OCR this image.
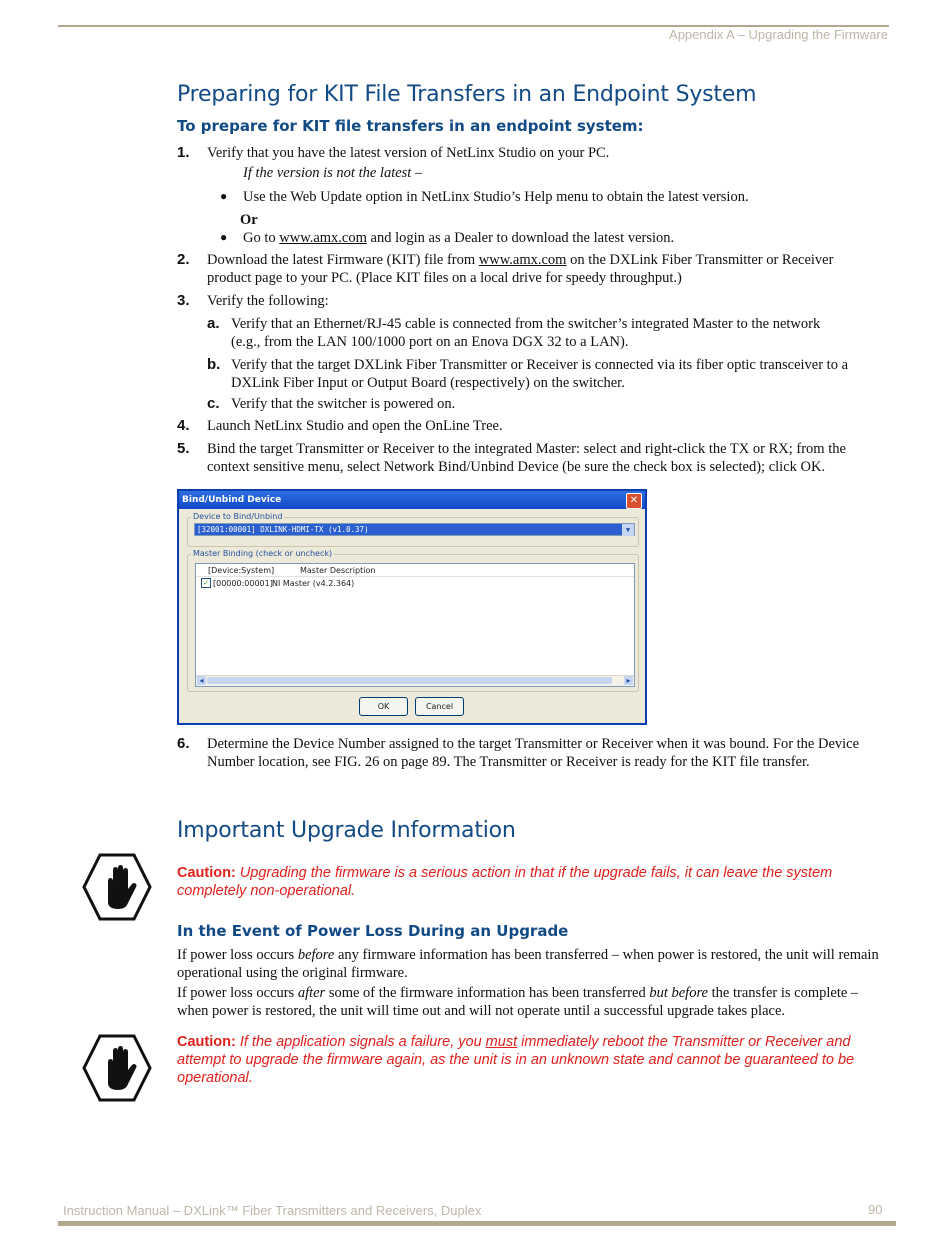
Appendix A – Upgrading the Firmware
Preparing for KIT File Transfers in an Endpoint System
To prepare for KIT file transfers in an endpoint system:
1. Verify that you have the latest version of NetLinx Studio on your PC.
If the version is not the latest –
● Use the Web Update option in NetLinx Studio’s Help menu to obtain the latest version.
Or
● Go to www.amx.com and login as a Dealer to download the latest version.
2. Download the latest Firmware (KIT) file from www.amx.com on the DXLink Fiber Transmitter or Receiver
product page to your PC. (Place KIT files on a local drive for speedy throughput.)
3. Verify the following:
a. Verify that an Ethernet/RJ-45 cable is connected from the switcher’s integrated Master to the network
(e.g., from the LAN 100/1000 port on an Enova DGX 32 to a LAN).
b. Verify that the target DXLink Fiber Transmitter or Receiver is connected via its fiber optic transceiver to a
DXLink Fiber Input or Output Board (respectively) on the switcher.
c. Verify that the switcher is powered on.
4. Launch NetLinx Studio and open the OnLine Tree.
5. Bind the target Transmitter or Receiver to the integrated Master: select and right-click the TX or RX; from the
context sensitive menu, select Network Bind/Unbind Device (be sure the check box is selected); click OK.
Bind/Unbind Device	✕
Device to Bind/Unbind
[32001:00001] DXLINK-HDMI-TX (v1.0.37)	▼
Master Binding (check or uncheck)
[Device:System]	Master Description
✓ [00000:00001] NI Master (v4.2.364)
◂	▸
OK	Cancel
6. Determine the Device Number assigned to the target Transmitter or Receiver when it was bound. For the Device
Number location, see FIG. 26 on page 89. The Transmitter or Receiver is ready for the KIT file transfer.
Important Upgrade Information
Caution: Upgrading the firmware is a serious action in that if the upgrade fails, it can leave the system
completely non-operational.
In the Event of Power Loss During an Upgrade
If power loss occurs before any firmware information has been transferred – when power is restored, the unit will remain
operational using the original firmware.
If power loss occurs after some of the firmware information has been transferred but before the transfer is complete –
when power is restored, the unit will time out and will not operate until a successful upgrade takes place.
Caution: If the application signals a failure, you must immediately reboot the Transmitter or Receiver and
attempt to upgrade the firmware again, as the unit is in an unknown state and cannot be guaranteed to be
operational.
Instruction Manual – DXLink™ Fiber Transmitters and Receivers, Duplex	90
